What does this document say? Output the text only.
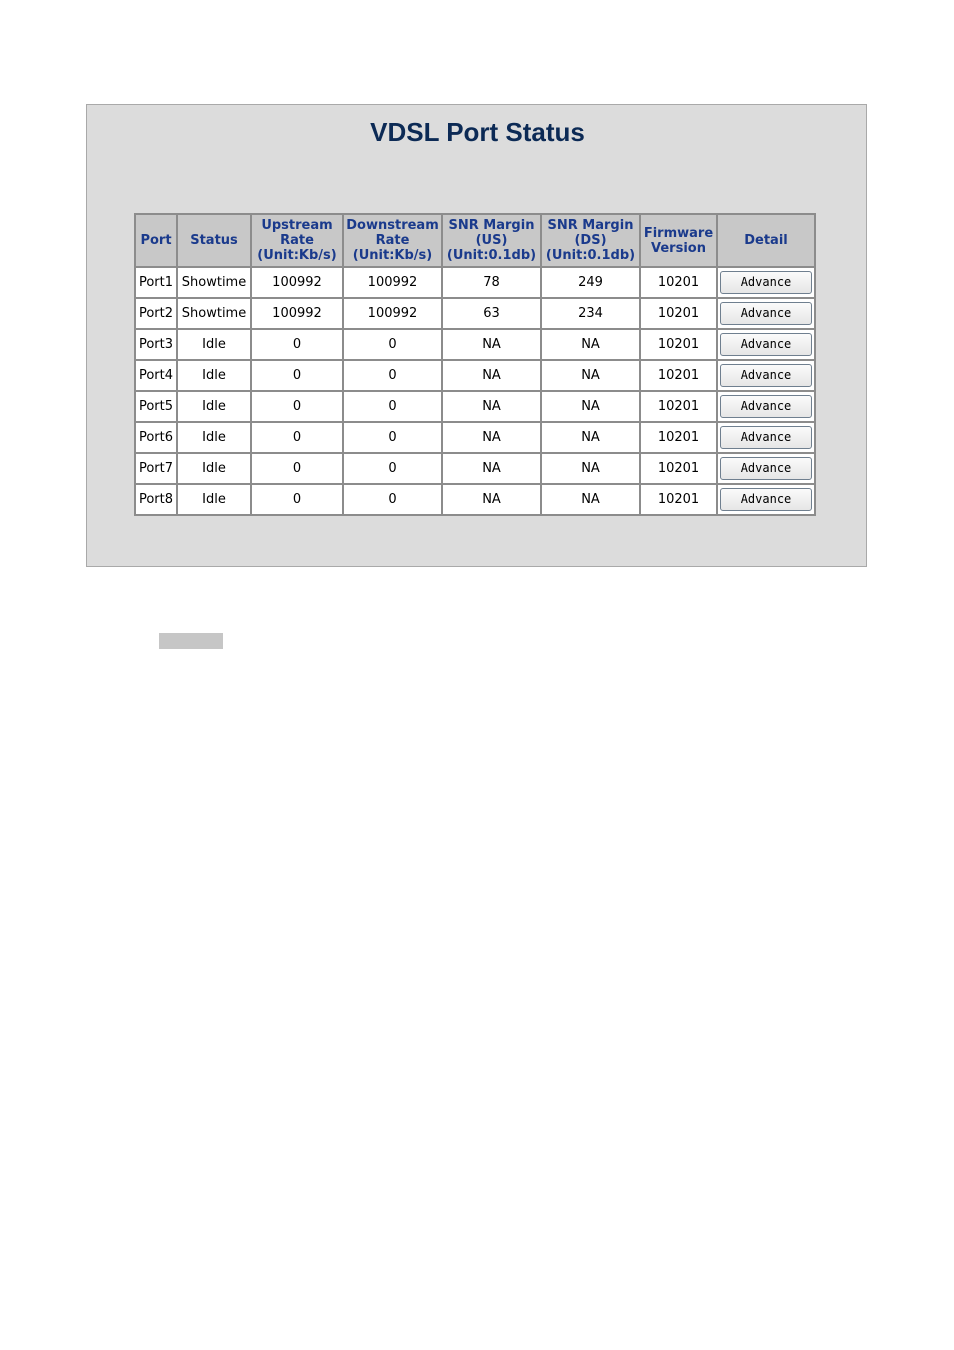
VDSL Port Status
Port	Status	Upstream
Rate
(Unit:Kb/s)	Downstream
Rate
(Unit:Kb/s)	SNR Margin
(US)
(Unit:0.1db)	SNR Margin
(DS)
(Unit:0.1db)	Firmware
Version	Detail
Port1	Showtime	100992	100992	78	249	10201	Advance
Port2	Showtime	100992	100992	63	234	10201	Advance
Port3	Idle	0	0	NA	NA	10201	Advance
Port4	Idle	0	0	NA	NA	10201	Advance
Port5	Idle	0	0	NA	NA	10201	Advance
Port6	Idle	0	0	NA	NA	10201	Advance
Port7	Idle	0	0	NA	NA	10201	Advance
Port8	Idle	0	0	NA	NA	10201	Advance
